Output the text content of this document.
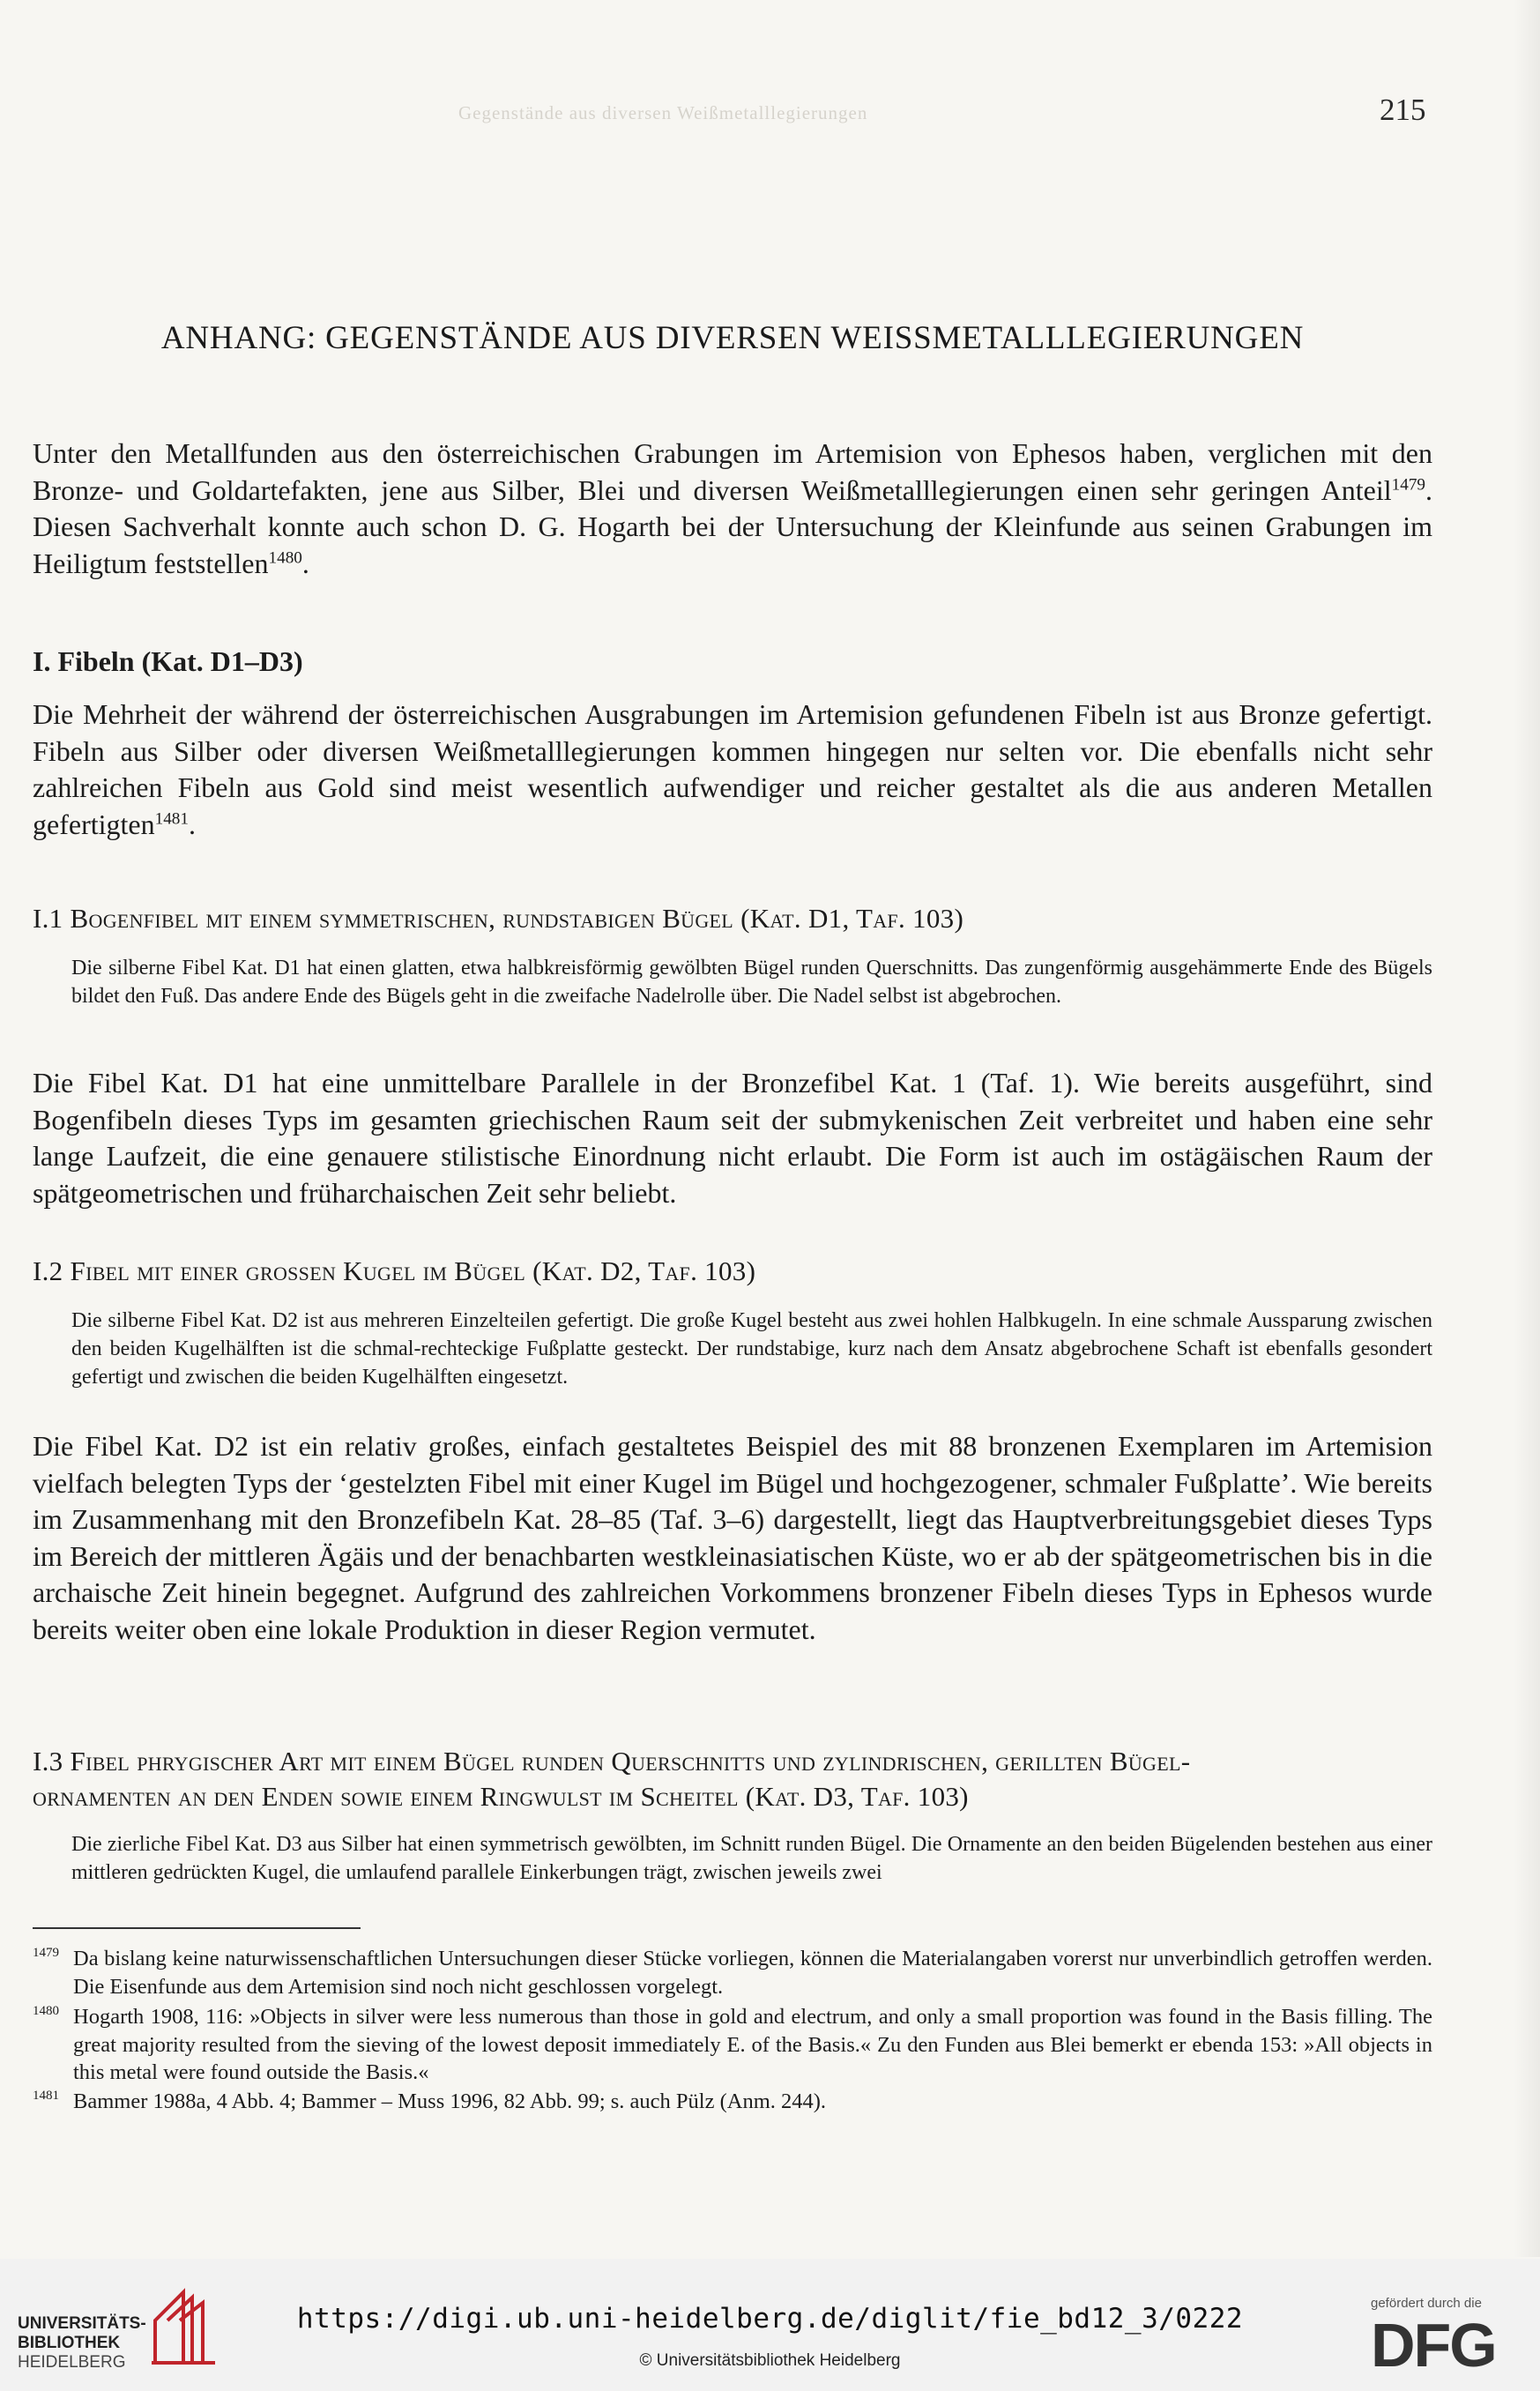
Gegenstände aus diversen Weißmetalllegierungen	215
ANHANG: GEGENSTÄNDE AUS DIVERSEN WEISSMETALLLEGIERUNGEN

Unter den Metallfunden aus den österreichischen Grabungen im Artemision von Ephesos haben, verglichen mit den Bronze- und Goldartefakten, jene aus Silber, Blei und diversen Weißmetalllegierungen einen sehr geringen Anteil$^{1479}$. Diesen Sachverhalt konnte auch schon D. G. Hogarth bei der Untersuchung der Kleinfunde aus seinen Grabungen im Heiligtum feststellen$^{1480}$.

I. Fibeln (Kat. D1–D3)

Die Mehrheit der während der österreichischen Ausgrabungen im Artemision gefundenen Fibeln ist aus Bronze gefertigt. Fibeln aus Silber oder diversen Weißmetalllegierungen kommen hingegen nur selten vor. Die ebenfalls nicht sehr zahlreichen Fibeln aus Gold sind meist wesentlich aufwendiger und reicher gestaltet als die aus anderen Metallen gefertigten$^{1481}$.

I.1 Bogenfibel mit einem symmetrischen, rundstabigen Bügel (Kat. D1, Taf. 103)

Die silberne Fibel Kat. D1 hat einen glatten, etwa halbkreisförmig gewölbten Bügel runden Querschnitts. Das zungenförmig ausgehämmerte Ende des Bügels bildet den Fuß. Das andere Ende des Bügels geht in die zweifache Nadelrolle über. Die Nadel selbst ist abgebrochen.

Die Fibel Kat. D1 hat eine unmittelbare Parallele in der Bronzefibel Kat. 1 (Taf. 1). Wie bereits ausgeführt, sind Bogenfibeln dieses Typs im gesamten griechischen Raum seit der submykenischen Zeit verbreitet und haben eine sehr lange Laufzeit, die eine genauere stilistische Einordnung nicht erlaubt. Die Form ist auch im ostägäischen Raum der spätgeometrischen und früharchaischen Zeit sehr beliebt.

I.2 Fibel mit einer grossen Kugel im Bügel (Kat. D2, Taf. 103)

Die silberne Fibel Kat. D2 ist aus mehreren Einzelteilen gefertigt. Die große Kugel besteht aus zwei hohlen Halbkugeln. In eine schmale Aussparung zwischen den beiden Kugelhälften ist die schmal-rechteckige Fußplatte gesteckt. Der rundstabige, kurz nach dem Ansatz abgebrochene Schaft ist ebenfalls gesondert gefertigt und zwischen die beiden Kugelhälften eingesetzt.

Die Fibel Kat. D2 ist ein relativ großes, einfach gestaltetes Beispiel des mit 88 bronzenen Exemplaren im Artemision vielfach belegten Typs der ‘gestelzten Fibel mit einer Kugel im Bügel und hochgezogener, schmaler Fußplatte’. Wie bereits im Zusammenhang mit den Bronzefibeln Kat. 28–85 (Taf. 3–6) dargestellt, liegt das Hauptverbreitungsgebiet dieses Typs im Bereich der mittleren Ägäis und der benachbarten westkleinasiatischen Küste, wo er ab der spätgeometrischen bis in die archaische Zeit hinein begegnet. Aufgrund des zahlreichen Vorkommens bronzener Fibeln dieses Typs in Ephesos wurde bereits weiter oben eine lokale Produktion in dieser Region vermutet.

I.3 Fibel phrygischer Art mit einem Bügel runden Querschnitts und zylindrischen, gerillten Bügel-
ornamenten an den Enden sowie einem Ringwulst im Scheitel (Kat. D3, Taf. 103)

Die zierliche Fibel Kat. D3 aus Silber hat einen symmetrisch gewölbten, im Schnitt runden Bügel. Die Ornamente an den beiden Bügelenden bestehen aus einer mittleren gedrückten Kugel, die umlaufend parallele Einkerbungen trägt, zwischen jeweils zwei

1479 Da bislang keine naturwissenschaftlichen Untersuchungen dieser Stücke vorliegen, können die Materialangaben vorerst nur unverbindlich getroffen werden. Die Eisenfunde aus dem Artemision sind noch nicht geschlossen vorgelegt.
1480 Hogarth 1908, 116: »Objects in silver were less numerous than those in gold and electrum, and only a small proportion was found in the Basis filling. The great majority resulted from the sieving of the lowest deposit immediately E. of the Basis.« Zu den Funden aus Blei bemerkt er ebenda 153: »All objects in this metal were found outside the Basis.«
1481 Bammer 1988a, 4 Abb. 4; Bammer – Muss 1996, 82 Abb. 99; s. auch Pülz (Anm. 244).
UNIVERSITÄTS-
BIBLIOTHEK
HEIDELBERG
https://digi.ub.uni-heidelberg.de/diglit/fie_bd12_3/0222
© Universitätsbibliothek Heidelberg
gefördert durch die
DFG
